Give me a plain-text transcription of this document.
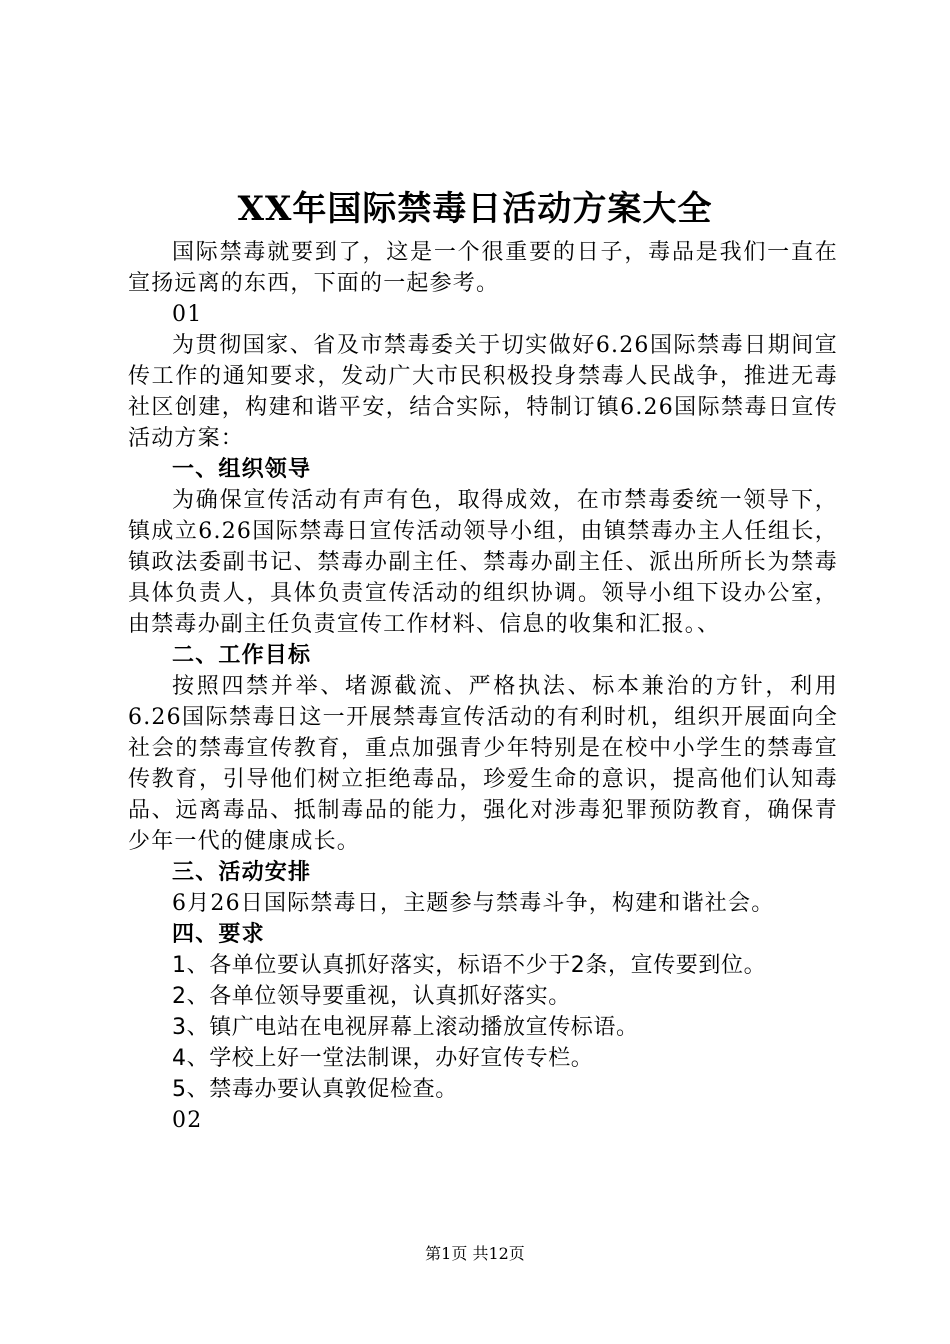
XX年国际禁毒日活动方案大全

国际禁毒就要到了，这是一个很重要的日子，毒品是我们一直在宣扬远离的东西，下面的一起参考。

01

为贯彻国家、省及市禁毒委关于切实做好6.26国际禁毒日期间宣传工作的通知要求，发动广大市民积极投身禁毒人民战争，推进无毒社区创建，构建和谐平安，结合实际，特制订镇6.26国际禁毒日宣传活动方案：

一、组织领导

为确保宣传活动有声有色，取得成效，在市禁毒委统一领导下，镇成立6.26国际禁毒日宣传活动领导小组，由镇禁毒办主人任组长，镇政法委副书记、禁毒办副主任、禁毒办副主任、派出所所长为禁毒具体负责人，具体负责宣传活动的组织协调。领导小组下设办公室，由禁毒办副主任负责宣传工作材料、信息的收集和汇报。、

二、工作目标

按照四禁并举、堵源截流、严格执法、标本兼治的方针，利用6.26国际禁毒日这一开展禁毒宣传活动的有利时机，组织开展面向全社会的禁毒宣传教育，重点加强青少年特别是在校中小学生的禁毒宣传教育，引导他们树立拒绝毒品，珍爱生命的意识，提高他们认知毒品、远离毒品、抵制毒品的能力，强化对涉毒犯罪预防教育，确保青少年一代的健康成长。

三、活动安排

6月26日国际禁毒日，主题参与禁毒斗争，构建和谐社会。

四、要求

1、各单位要认真抓好落实，标语不少于2条，宣传要到位。

2、各单位领导要重视，认真抓好落实。

3、镇广电站在电视屏幕上滚动播放宣传标语。

4、学校上好一堂法制课，办好宣传专栏。

5、禁毒办要认真敦促检查。

02

第1页 共12页
